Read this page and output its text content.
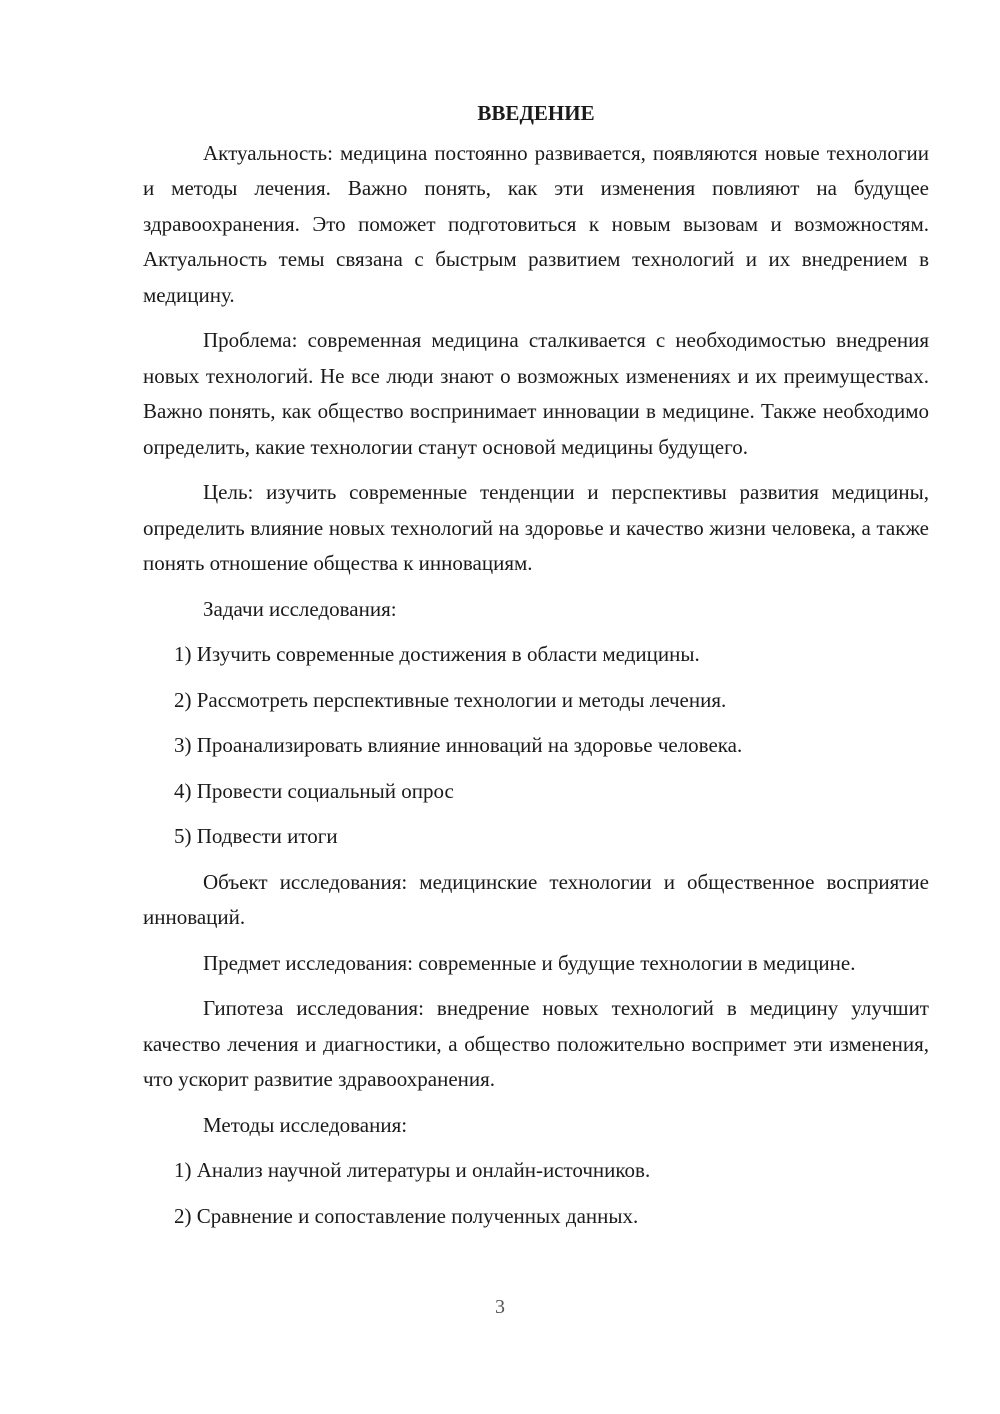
ВВЕДЕНИЕ

Актуальность: медицина постоянно развивается, появляются новые технологии и методы лечения. Важно понять, как эти изменения повлияют на будущее здравоохранения. Это поможет подготовиться к новым вызовам и возможностям. Актуальность темы связана с быстрым развитием технологий и их внедрением в медицину.

Проблема: современная медицина сталкивается с необходимостью внедрения новых технологий. Не все люди знают о возможных изменениях и их преимуществах. Важно понять, как общество воспринимает инновации в медицине. Также необходимо определить, какие технологии станут основой медицины будущего.

Цель: изучить современные тенденции и перспективы развития медицины, определить влияние новых технологий на здоровье и качество жизни человека, а также понять отношение общества к инновациям.

Задачи исследования:

1) Изучить современные достижения в области медицины.

2) Рассмотреть перспективные технологии и методы лечения.

3) Проанализировать влияние инноваций на здоровье человека.

4) Провести социальный опрос

5) Подвести итоги

Объект исследования: медицинские технологии и общественное восприятие инноваций.

Предмет исследования: современные и будущие технологии в медицине.

Гипотеза исследования: внедрение новых технологий в медицину улучшит качество лечения и диагностики, а общество положительно воспримет эти изменения, что ускорит развитие здравоохранения.

Методы исследования:

1) Анализ научной литературы и онлайн-источников.

2) Сравнение и сопоставление полученных данных.

3
